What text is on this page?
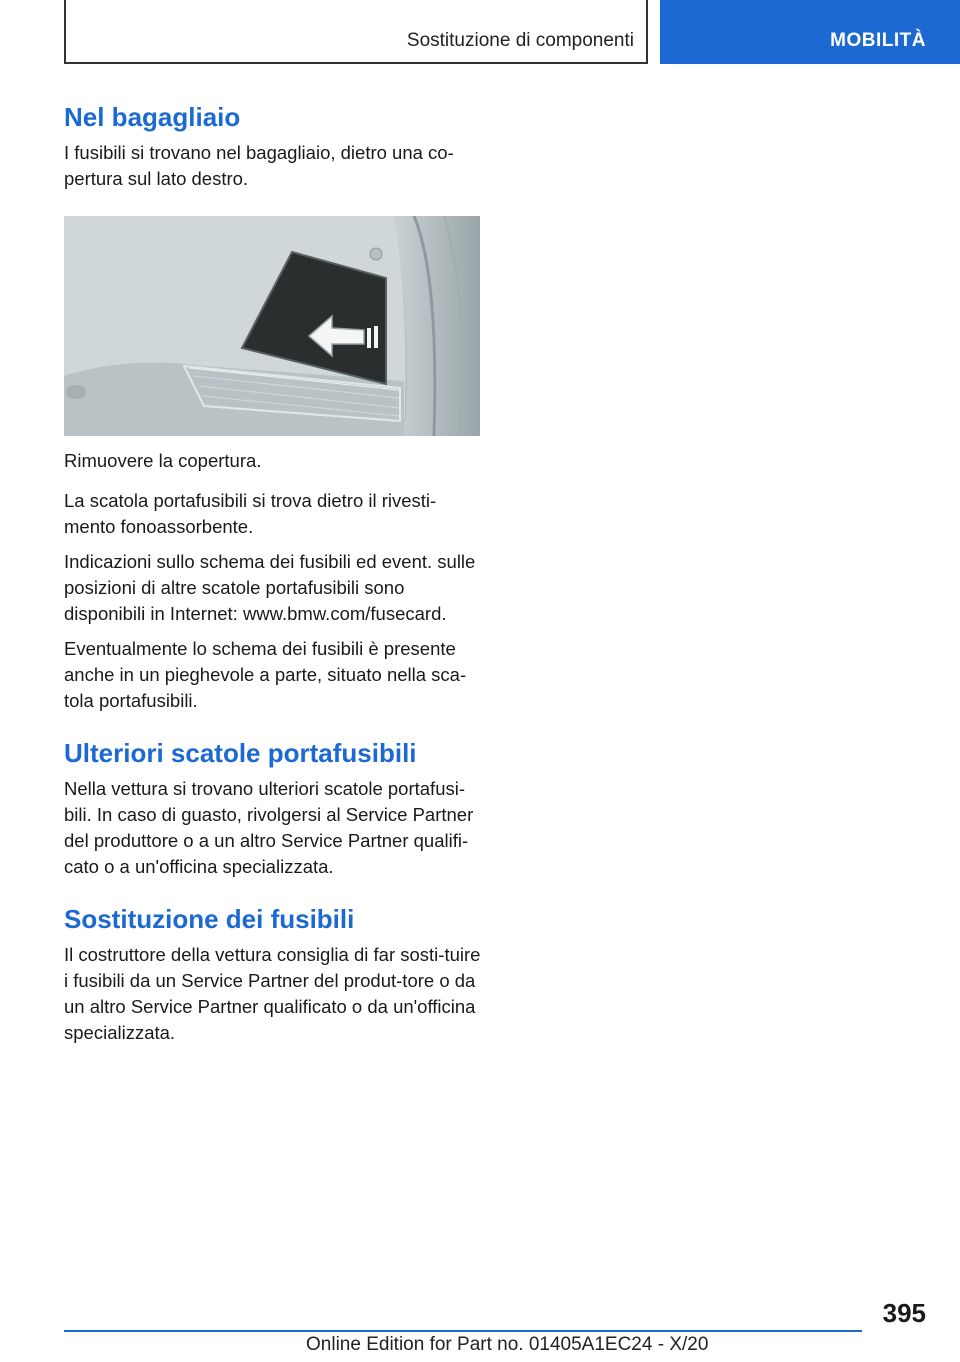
Sostituzione di componenti	MOBILITÀ
Nel bagagliaio

I fusibili si trovano nel bagagliaio, dietro una co-pertura sul lato destro.

Rimuovere la copertura.

La scatola portafusibili si trova dietro il rivesti-mento fonoassorbente.

Indicazioni sullo schema dei fusibili ed event. sulle posizioni di altre scatole portafusibili sono disponibili in Internet: www.bmw.com/fusecard.

Eventualmente lo schema dei fusibili è presente anche in un pieghevole a parte, situato nella sca-tola portafusibili.

Ulteriori scatole portafusibili

Nella vettura si trovano ulteriori scatole portafusi-bili. In caso di guasto, rivolgersi al Service Partner del produttore o a un altro Service Partner qualifi-cato o a un'officina specializzata.

Sostituzione dei fusibili

Il costruttore della vettura consiglia di far sosti-tuire i fusibili da un Service Partner del produt-tore o da un altro Service Partner qualificato o da un'officina specializzata.

395
Online Edition for Part no. 01405A1EC24 - X/20
